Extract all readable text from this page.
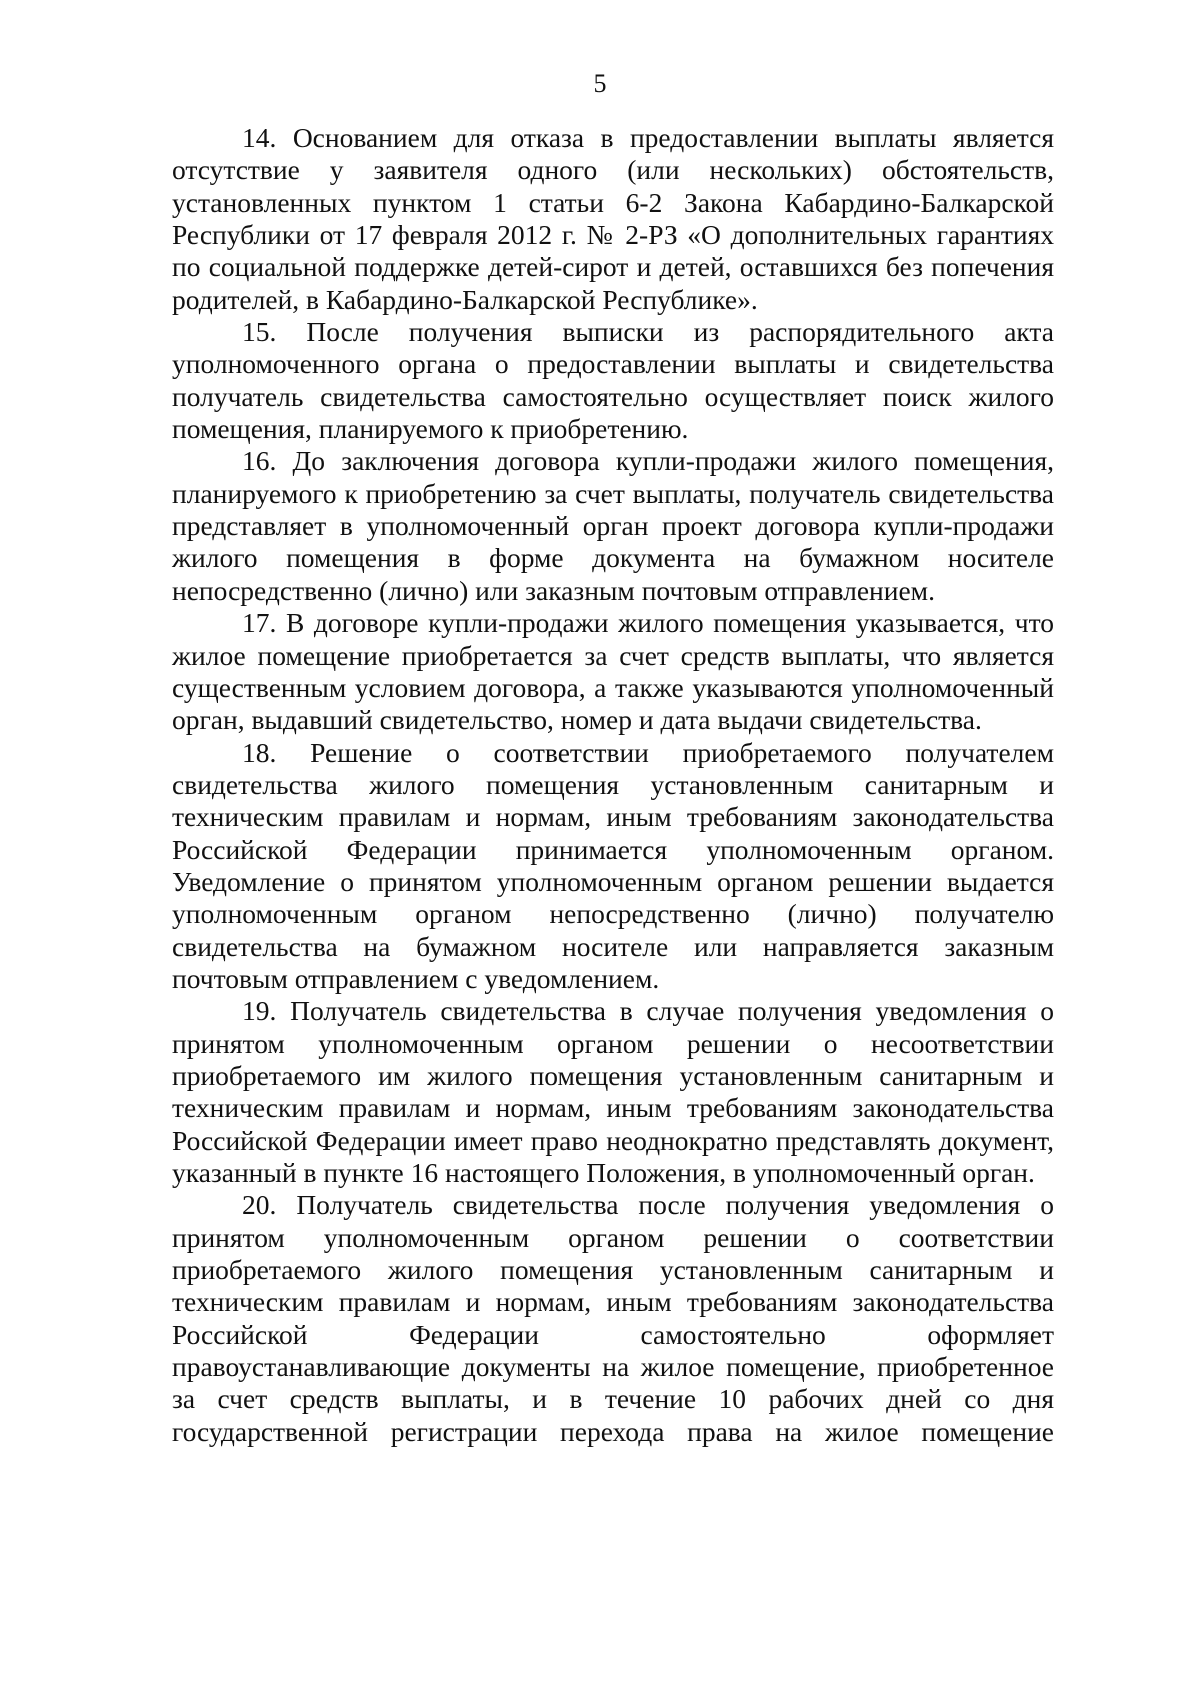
5

14. Основанием для отказа в предоставлении выплаты является отсутствие у заявителя одного (или нескольких) обстоятельств, установленных пунктом 1 статьи 6-2 Закона Кабардино-Балкарской Республики от 17 февраля 2012 г. № 2-РЗ «О дополнительных гарантиях по социальной поддержке детей-сирот и детей, оставшихся без попечения родителей, в Кабардино-Балкарской Республике».

15. После получения выписки из распорядительного акта уполномоченного органа о предоставлении выплаты и свидетельства получатель свидетельства самостоятельно осуществляет поиск жилого помещения, планируемого к приобретению.

16. До заключения договора купли-продажи жилого помещения, планируемого к приобретению за счет выплаты, получатель свидетельства представляет в уполномоченный орган проект договора купли-продажи жилого помещения в форме документа на бумажном носителе непосредственно (лично) или заказным почтовым отправлением.

17. В договоре купли-продажи жилого помещения указывается, что жилое помещение приобретается за счет средств выплаты, что является существенным условием договора, а также указываются уполномоченный орган, выдавший свидетельство, номер и дата выдачи свидетельства.

18. Решение о соответствии приобретаемого получателем свидетельства жилого помещения установленным санитарным и техническим правилам и нормам, иным требованиям законодательства Российской Федерации принимается уполномоченным органом. Уведомление о принятом уполномоченным органом решении выдается уполномоченным органом непосредственно (лично) получателю свидетельства на бумажном носителе или направляется заказным почтовым отправлением с уведомлением.

19. Получатель свидетельства в случае получения уведомления о принятом уполномоченным органом решении о несоответствии приобретаемого им жилого помещения установленным санитарным и техническим правилам и нормам, иным требованиям законодательства Российской Федерации имеет право неоднократно представлять документ, указанный в пункте 16 настоящего Положения, в уполномоченный орган.

20. Получатель свидетельства после получения уведомления о принятом уполномоченным органом решении о соответствии приобретаемого жилого помещения установленным санитарным и техническим правилам и нормам, иным требованиям законодательства Российской Федерации самостоятельно оформляет правоустанавливающие документы на жилое помещение, приобретенное за счет средств выплаты, и в течение 10 рабочих дней со дня государственной регистрации перехода права на жилое помещение
